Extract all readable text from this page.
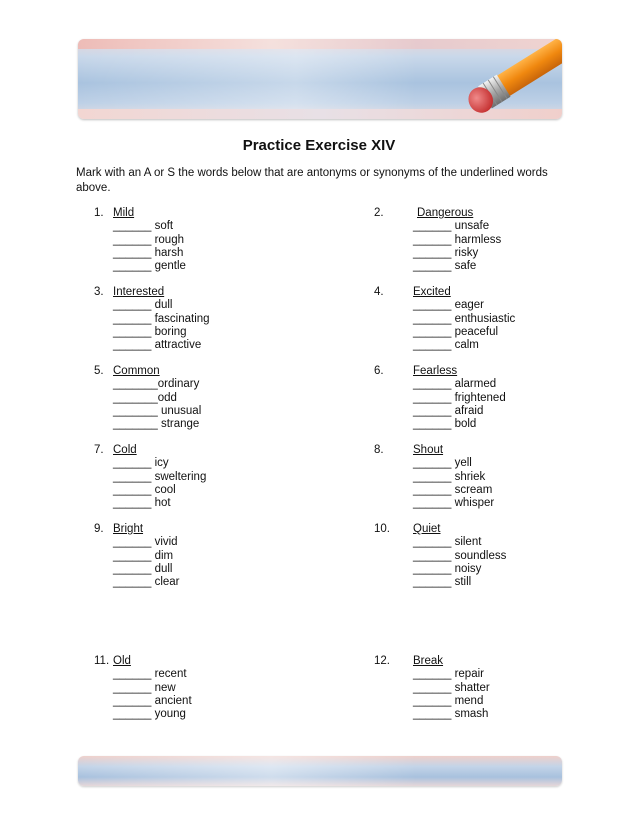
Practice Exercise XIV
Mark with an A or S the words below that are antonyms or synonyms of the underlined words above.
1. Mild
______ soft
______ rough
______ harsh
______ gentle
2.	Dangerous
______ unsafe
______ harmless
______ risky
______ safe
3. Interested
______ dull
______ fascinating
______ boring
______ attractive
4.	Excited
______ eager
______ enthusiastic
______ peaceful
______ calm
5. Common
_______ordinary
_______odd
_______ unusual
_______ strange
6.	Fearless
______ alarmed
______ frightened
______ afraid
______ bold
7. Cold
______ icy
______ sweltering
______ cool
______ hot
8.	Shout
______ yell
______ shriek
______ scream
______ whisper
9. Bright
______ vivid
______ dim
______ dull
______ clear
10. Quiet
______ silent
______ soundless
______ noisy
______ still
11. Old
______ recent
______ new
______ ancient
______ young
12. Break
______ repair
______ shatter
______ mend
______ smash
